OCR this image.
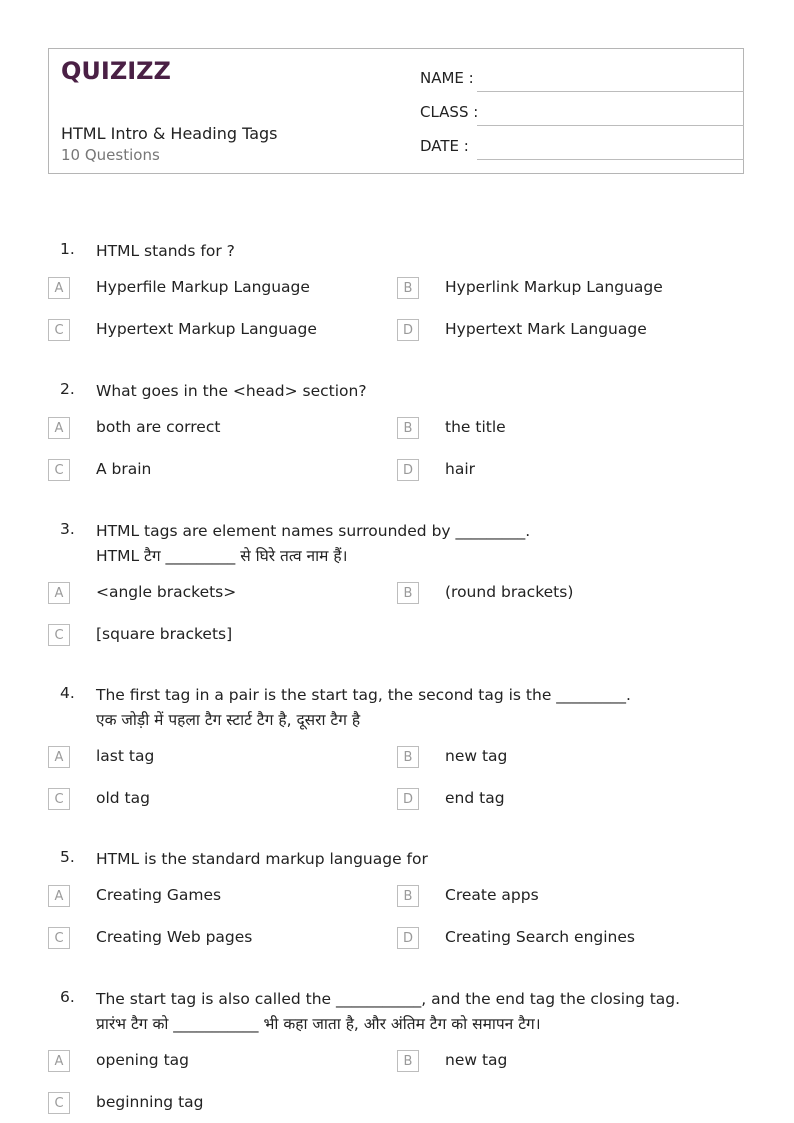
QUIZIZZ
HTML Intro & Heading Tags
10 Questions
NAME :
CLASS :
DATE :
1. HTML stands for ?
A	Hyperfile Markup Language	B	Hyperlink Markup Language
C	Hypertext Markup Language	D	Hypertext Mark Language
2. What goes in the <head> section?
A	both are correct	B	the title
C	A brain	D	hair
3. HTML tags are element names surrounded by _________.
HTML टैग _________ से घिरे तत्व नाम हैं।
A	<angle brackets>	B	(round brackets)
C	[square brackets]
4. The first tag in a pair is the start tag, the second tag is the _________.
एक जोड़ी में पहला टैग स्टार्ट टैग है, दूसरा टैग है
A	last tag	B	new tag
C	old tag	D	end tag
5. HTML is the standard markup language for
A	Creating Games	B	Create apps
C	Creating Web pages	D	Creating Search engines
6. The start tag is also called the ___________, and the end tag the closing tag.
प्रारंभ टैग को ___________ भी कहा जाता है, और अंतिम टैग को समापन टैग।
A	opening tag	B	new tag
C	beginning tag
